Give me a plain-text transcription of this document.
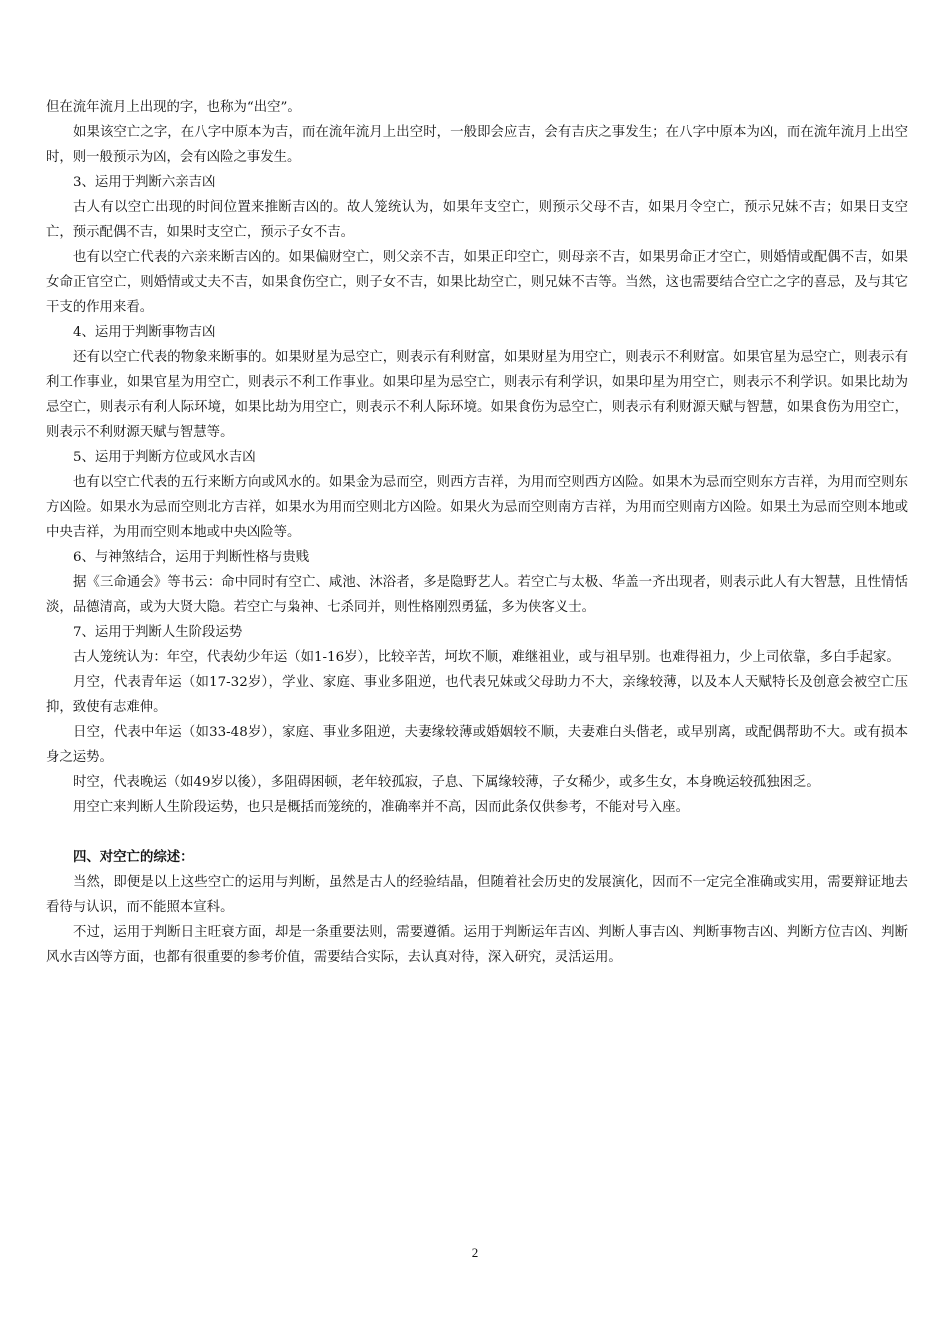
但在流年流月上出现的字，也称为“出空”。

如果该空亡之字，在八字中原本为吉，而在流年流月上出空时，一般即会应吉，会有吉庆之事发生；在八字中原本为凶，而在流年流月上出空时，则一般预示为凶，会有凶险之事发生。

3、运用于判断六亲吉凶

古人有以空亡出现的时间位置来推断吉凶的。故人笼统认为，如果年支空亡，则预示父母不吉，如果月令空亡，预示兄妹不吉；如果日支空亡，预示配偶不吉，如果时支空亡，预示子女不吉。

也有以空亡代表的六亲来断吉凶的。如果偏财空亡，则父亲不吉，如果正印空亡，则母亲不吉，如果男命正才空亡，则婚情或配偶不吉，如果女命正官空亡，则婚情或丈夫不吉，如果食伤空亡，则子女不吉，如果比劫空亡，则兄妹不吉等。当然，这也需要结合空亡之字的喜忌，及与其它干支的作用来看。

4、运用于判断事物吉凶

还有以空亡代表的物象来断事的。如果财星为忌空亡，则表示有利财富，如果财星为用空亡，则表示不利财富。如果官星为忌空亡，则表示有利工作事业，如果官星为用空亡，则表示不利工作事业。如果印星为忌空亡，则表示有利学识，如果印星为用空亡，则表示不利学识。如果比劫为忌空亡，则表示有利人际环境，如果比劫为用空亡，则表示不利人际环境。如果食伤为忌空亡，则表示有利财源天赋与智慧，如果食伤为用空亡，则表示不利财源天赋与智慧等。

5、运用于判断方位或风水吉凶

也有以空亡代表的五行来断方向或风水的。如果金为忌而空，则西方吉祥，为用而空则西方凶险。如果木为忌而空则东方吉祥，为用而空则东方凶险。如果水为忌而空则北方吉祥，如果水为用而空则北方凶险。如果火为忌而空则南方吉祥，为用而空则南方凶险。如果土为忌而空则本地或中央吉祥，为用而空则本地或中央凶险等。

6、与神煞结合，运用于判断性格与贵贱

据《三命通会》等书云：命中同时有空亡、咸池、沐浴者，多是隐野艺人。若空亡与太极、华盖一齐出现者，则表示此人有大智慧，且性情恬淡，品德清高，或为大贤大隐。若空亡与枭神、七杀同并，则性格刚烈勇猛，多为侠客义士。

7、运用于判断人生阶段运势

古人笼统认为：年空，代表幼少年运（如1-16岁），比较辛苦，坷坎不顺，难继祖业，或与祖早别。也难得祖力，少上司依靠，多白手起家。

月空，代表青年运（如17-32岁），学业、家庭、事业多阻逆，也代表兄妹或父母助力不大，亲缘较薄，以及本人天赋特长及创意会被空亡压抑，致使有志难伸。

日空，代表中年运（如33-48岁），家庭、事业多阻逆，夫妻缘较薄或婚姻较不顺，夫妻难白头偕老，或早别离，或配偶帮助不大。或有损本身之运势。

时空，代表晚运（如49岁以後），多阻碍困顿，老年较孤寂，子息、下属缘较薄，子女稀少，或多生女，本身晚运较孤独困乏。

用空亡来判断人生阶段运势，也只是概括而笼统的，准确率并不高，因而此条仅供参考，不能对号入座。

四、对空亡的综述：

当然，即便是以上这些空亡的运用与判断，虽然是古人的经验结晶，但随着社会历史的发展演化，因而不一定完全准确或实用，需要辩证地去看待与认识，而不能照本宣科。

不过，运用于判断日主旺衰方面，却是一条重要法则，需要遵循。运用于判断运年吉凶、判断人事吉凶、判断事物吉凶、判断方位吉凶、判断风水吉凶等方面，也都有很重要的参考价值，需要结合实际，去认真对待，深入研究，灵活运用。

2
